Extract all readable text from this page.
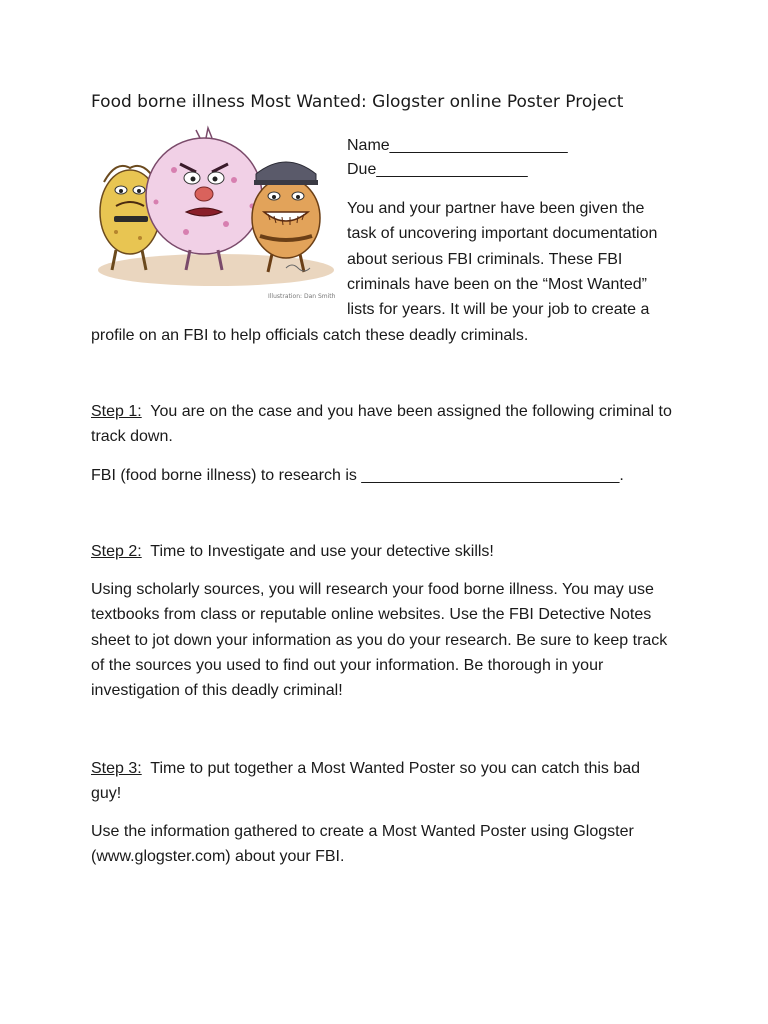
Food borne illness Most Wanted: Glogster online Poster Project
Illustration: Dan Smith
Name____________________
Due_________________
You and your partner have been given the
task of uncovering important documentation
about serious FBI criminals. These FBI
criminals have been on the “Most Wanted”
lists for years. It will be your job to create a
profile on an FBI to help officials catch these deadly criminals.
Step 1:  You are on the case and you have been assigned the following criminal to
track down.
FBI (food borne illness) to research is _____________________________.
Step 2:  Time to Investigate and use your detective skills!
Using scholarly sources, you will research your food borne illness. You may use
textbooks from class or reputable online websites. Use the FBI Detective Notes
sheet to jot down your information as you do your research. Be sure to keep track
of the sources you used to find out your information. Be thorough in your
investigation of this deadly criminal!
Step 3:  Time to put together a Most Wanted Poster so you can catch this bad
guy!
Use the information gathered to create a Most Wanted Poster using Glogster
(www.glogster.com) about your FBI.
